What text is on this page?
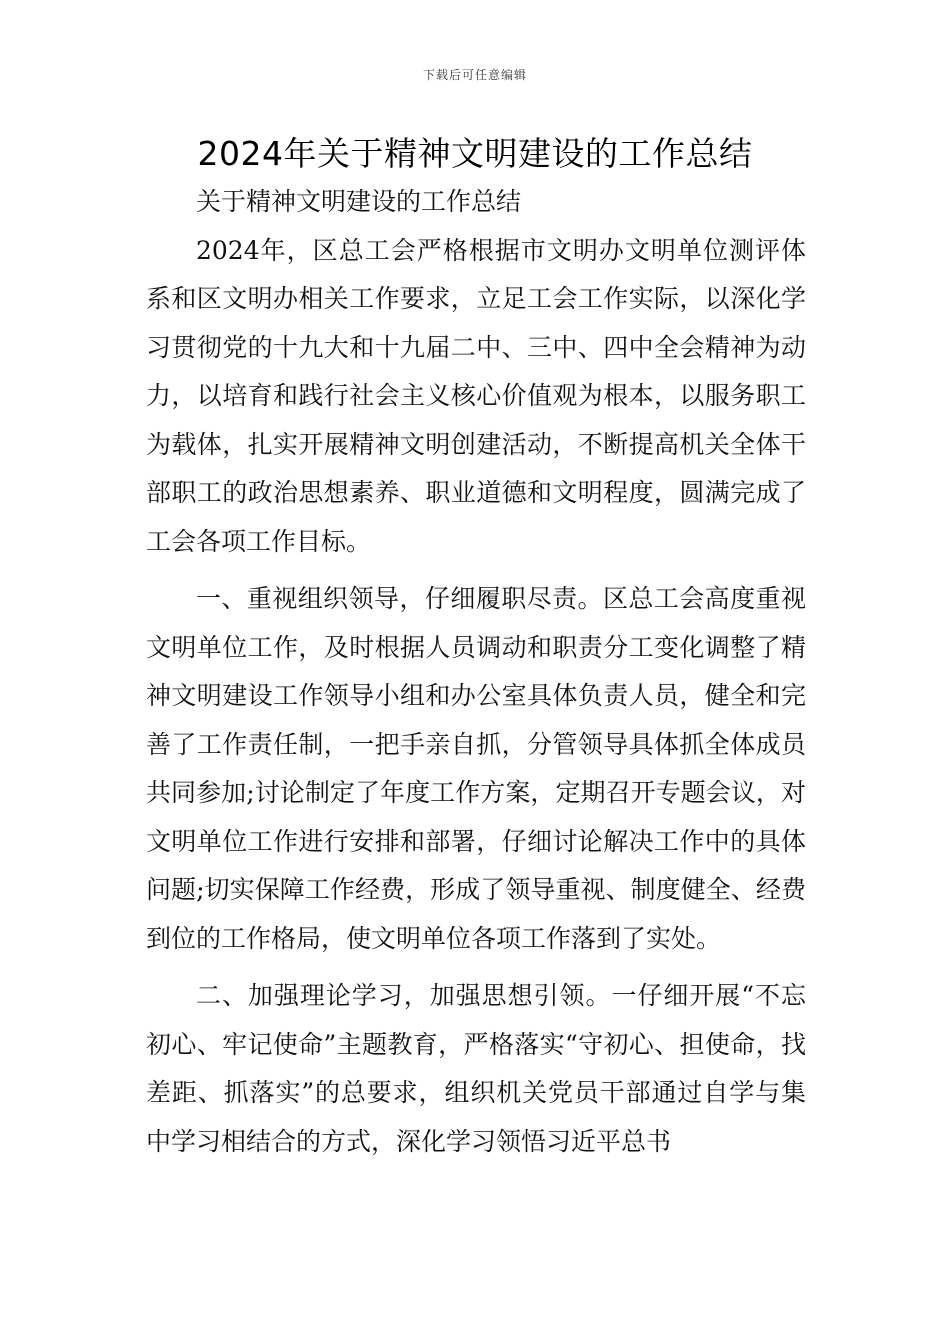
下载后可任意编辑
2024年关于精神文明建设的工作总结

关于精神文明建设的工作总结

2024年，区总工会严格根据市文明办文明单位测评体系和区文明办相关工作要求，立足工会工作实际，以深化学习贯彻党的十九大和十九届二中、三中、四中全会精神为动力，以培育和践行社会主义核心价值观为根本，以服务职工为载体，扎实开展精神文明创建活动，不断提高机关全体干部职工的政治思想素养、职业道德和文明程度，圆满完成了工会各项工作目标。

一、重视组织领导，仔细履职尽责。区总工会高度重视文明单位工作，及时根据人员调动和职责分工变化调整了精神文明建设工作领导小组和办公室具体负责人员，健全和完善了工作责任制，一把手亲自抓，分管领导具体抓全体成员共同参加;讨论制定了年度工作方案，定期召开专题会议，对文明单位工作进行安排和部署，仔细讨论解决工作中的具体问题;切实保障工作经费，形成了领导重视、制度健全、经费到位的工作格局，使文明单位各项工作落到了实处。

二、加强理论学习，加强思想引领。一仔细开展“不忘初心、牢记使命”主题教育，严格落实“守初心、担使命，找差距、抓落实”的总要求，组织机关党员干部通过自学与集中学习相结合的方式，深化学习领悟习近平总书
